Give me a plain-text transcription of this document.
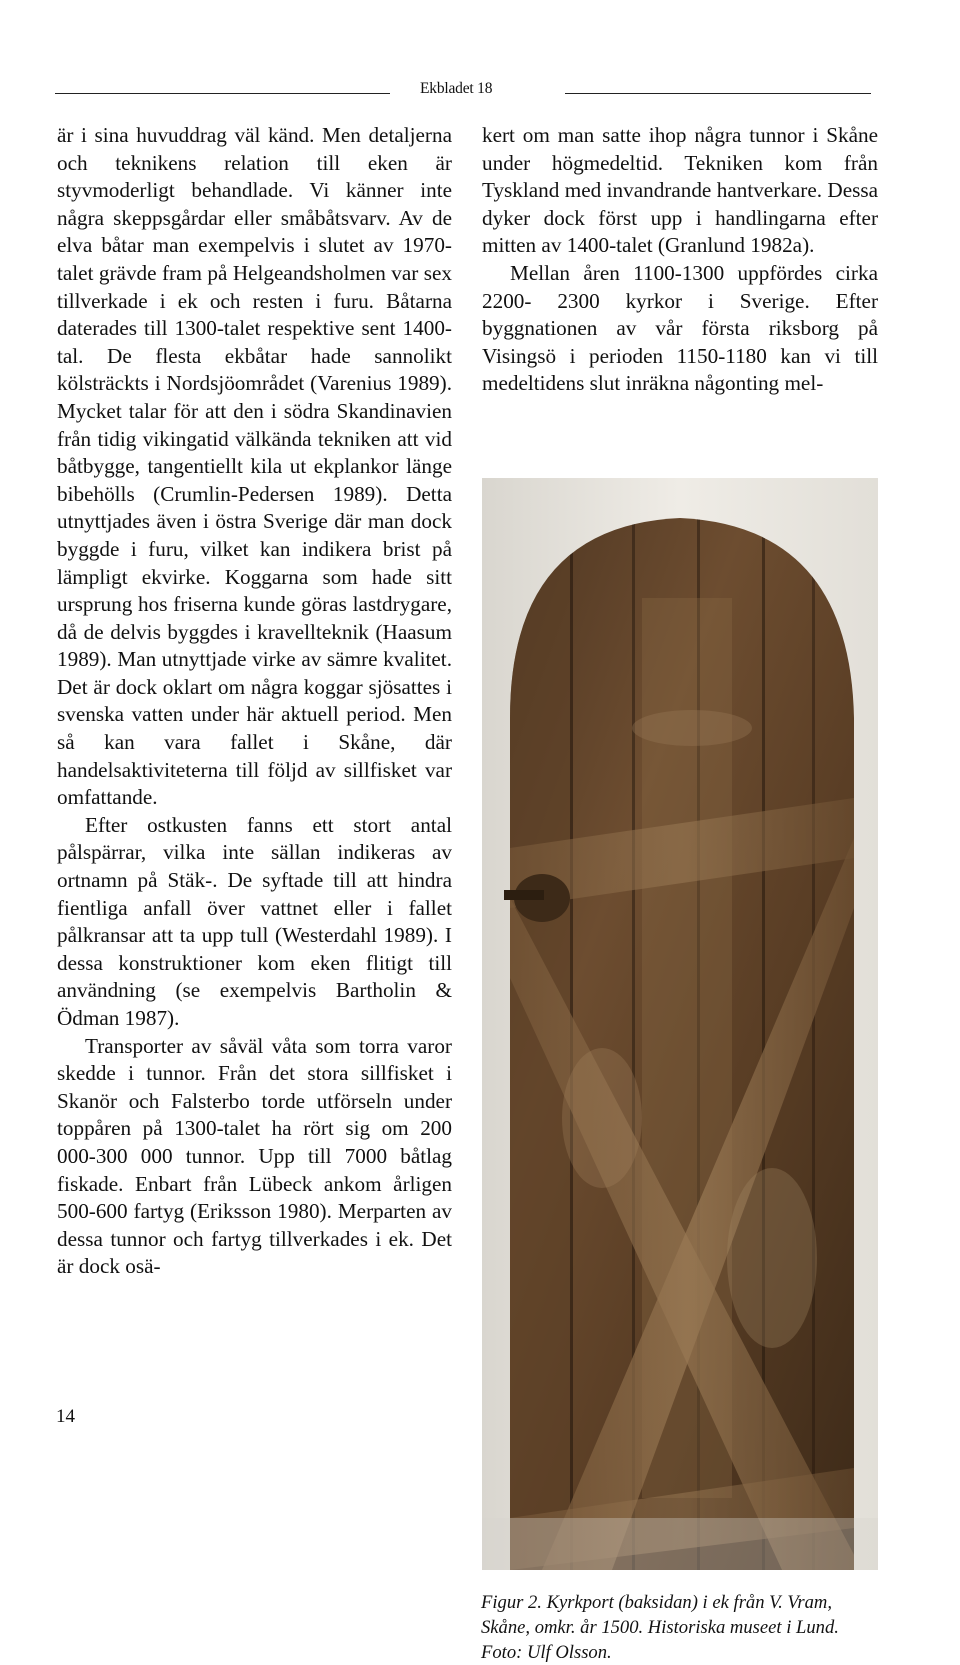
Ekbladet 18

är i sina huvuddrag väl känd. Men detaljerna och teknikens relation till eken är styvmoderligt behandlade. Vi känner inte några skeppsgårdar eller småbåtsvarv. Av de elva båtar man exempelvis i slutet av 1970-talet grävde fram på Helgeandsholmen var sex tillverkade i ek och resten i furu. Båtarna daterades till 1300-talet respektive sent 1400-tal. De flesta ekbåtar hade sannolikt kölsträckts i Nordsjöområdet (Varenius 1989). Mycket talar för att den i södra Skandinavien från tidig vikingatid välkända tekniken att vid båtbygge, tangentiellt kila ut ekplankor länge bibehölls (Crumlin-Pedersen 1989). Detta utnyttjades även i östra Sverige där man dock byggde i furu, vilket kan indikera brist på lämpligt ekvirke. Koggarna som hade sitt ursprung hos friserna kunde göras lastdrygare, då de delvis byggdes i kravellteknik (Haasum 1989). Man utnyttjade virke av sämre kvalitet. Det är dock oklart om några koggar sjösattes i svenska vatten under här aktuell period. Men så kan vara fallet i Skåne, där handelsaktiviteterna till följd av sillfisket var omfattande.

Efter ostkusten fanns ett stort antal pålspärrar, vilka inte sällan indikeras av ortnamn på Stäk-. De syftade till att hindra fientliga anfall över vattnet eller i fallet pålkransar att ta upp tull (Westerdahl 1989). I dessa konstruktioner kom eken flitigt till användning (se exempelvis Bartholin & Ödman 1987).

Transporter av såväl våta som torra varor skedde i tunnor. Från det stora sillfisket i Skanör och Falsterbo torde utförseln under toppåren på 1300-talet ha rört sig om 200 000-300 000 tunnor. Upp till 7000 båtlag fiskade. Enbart från Lübeck ankom årligen 500-600 fartyg (Eriksson 1980). Merparten av dessa tunnor och fartyg tillverkades i ek. Det är dock osä-

kert om man satte ihop några tunnor i Skåne under högmedeltid. Tekniken kom från Tyskland med invandrande hantverkare. Dessa dyker dock först upp i handlingarna efter mitten av 1400-talet (Granlund 1982a).

Mellan åren 1100-1300 uppfördes cirka 2200- 2300 kyrkor i Sverige. Efter byggnationen av vår första riksborg på Visingsö i perioden 1150-1180 kan vi till medeltidens slut inräkna någonting mel-

Figur 2. Kyrkport (baksidan) i ek från V. Vram, Skåne, omkr. år 1500. Historiska museet i Lund. Foto: Ulf Olsson.
14
